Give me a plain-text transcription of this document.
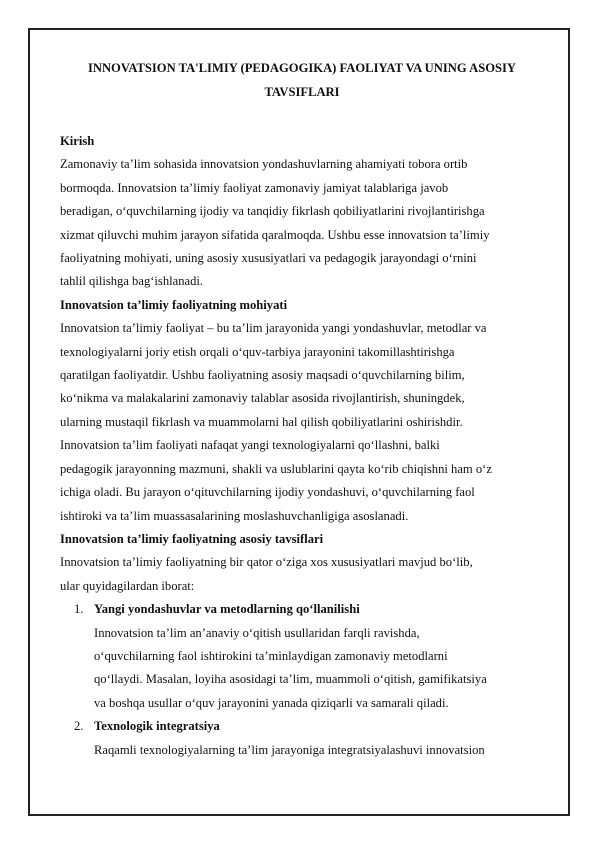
INNOVATSION TA'LIMIY (PEDAGOGIKA) FAOLIYAT VA UNING ASOSIY
TAVSIFLARI
Kirish

Zamonaviy ta’lim sohasida innovatsion yondashuvlarning ahamiyati tobora ortib
bormoqda. Innovatsion ta’limiy faoliyat zamonaviy jamiyat talablariga javob
beradigan, o‘quvchilarning ijodiy va tanqidiy fikrlash qobiliyatlarini rivojlantirishga
xizmat qiluvchi muhim jarayon sifatida qaralmoqda. Ushbu esse innovatsion ta’limiy
faoliyatning mohiyati, uning asosiy xususiyatlari va pedagogik jarayondagi o‘rnini
tahlil qilishga bag‘ishlanadi.

Innovatsion ta’limiy faoliyatning mohiyati

Innovatsion ta’limiy faoliyat – bu ta’lim jarayonida yangi yondashuvlar, metodlar va
texnologiyalarni joriy etish orqali o‘quv-tarbiya jarayonini takomillashtirishga
qaratilgan faoliyatdir. Ushbu faoliyatning asosiy maqsadi o‘quvchilarning bilim,
ko‘nikma va malakalarini zamonaviy talablar asosida rivojlantirish, shuningdek,
ularning mustaqil fikrlash va muammolarni hal qilish qobiliyatlarini oshirishdir.
Innovatsion ta’lim faoliyati nafaqat yangi texnologiyalarni qo‘llashni, balki
pedagogik jarayonning mazmuni, shakli va uslublarini qayta ko‘rib chiqishni ham o‘z
ichiga oladi. Bu jarayon o‘qituvchilarning ijodiy yondashuvi, o‘quvchilarning faol
ishtiroki va ta’lim muassasalarining moslashuvchanligiga asoslanadi.

Innovatsion ta’limiy faoliyatning asosiy tavsiflari

Innovatsion ta’limiy faoliyatning bir qator o‘ziga xos xususiyatlari mavjud bo‘lib,
ular quyidagilardan iborat:

1. Yangi yondashuvlar va metodlarning qo‘llanilishi
Innovatsion ta’lim an’anaviy o‘qitish usullaridan farqli ravishda,
o‘quvchilarning faol ishtirokini ta’minlaydigan zamonaviy metodlarni
qo‘llaydi. Masalan, loyiha asosidagi ta’lim, muammoli o‘qitish, gamifikatsiya
va boshqa usullar o‘quv jarayonini yanada qiziqarli va samarali qiladi.
2. Texnologik integratsiya
Raqamli texnologiyalarning ta’lim jarayoniga integratsiyalashuvi innovatsion
